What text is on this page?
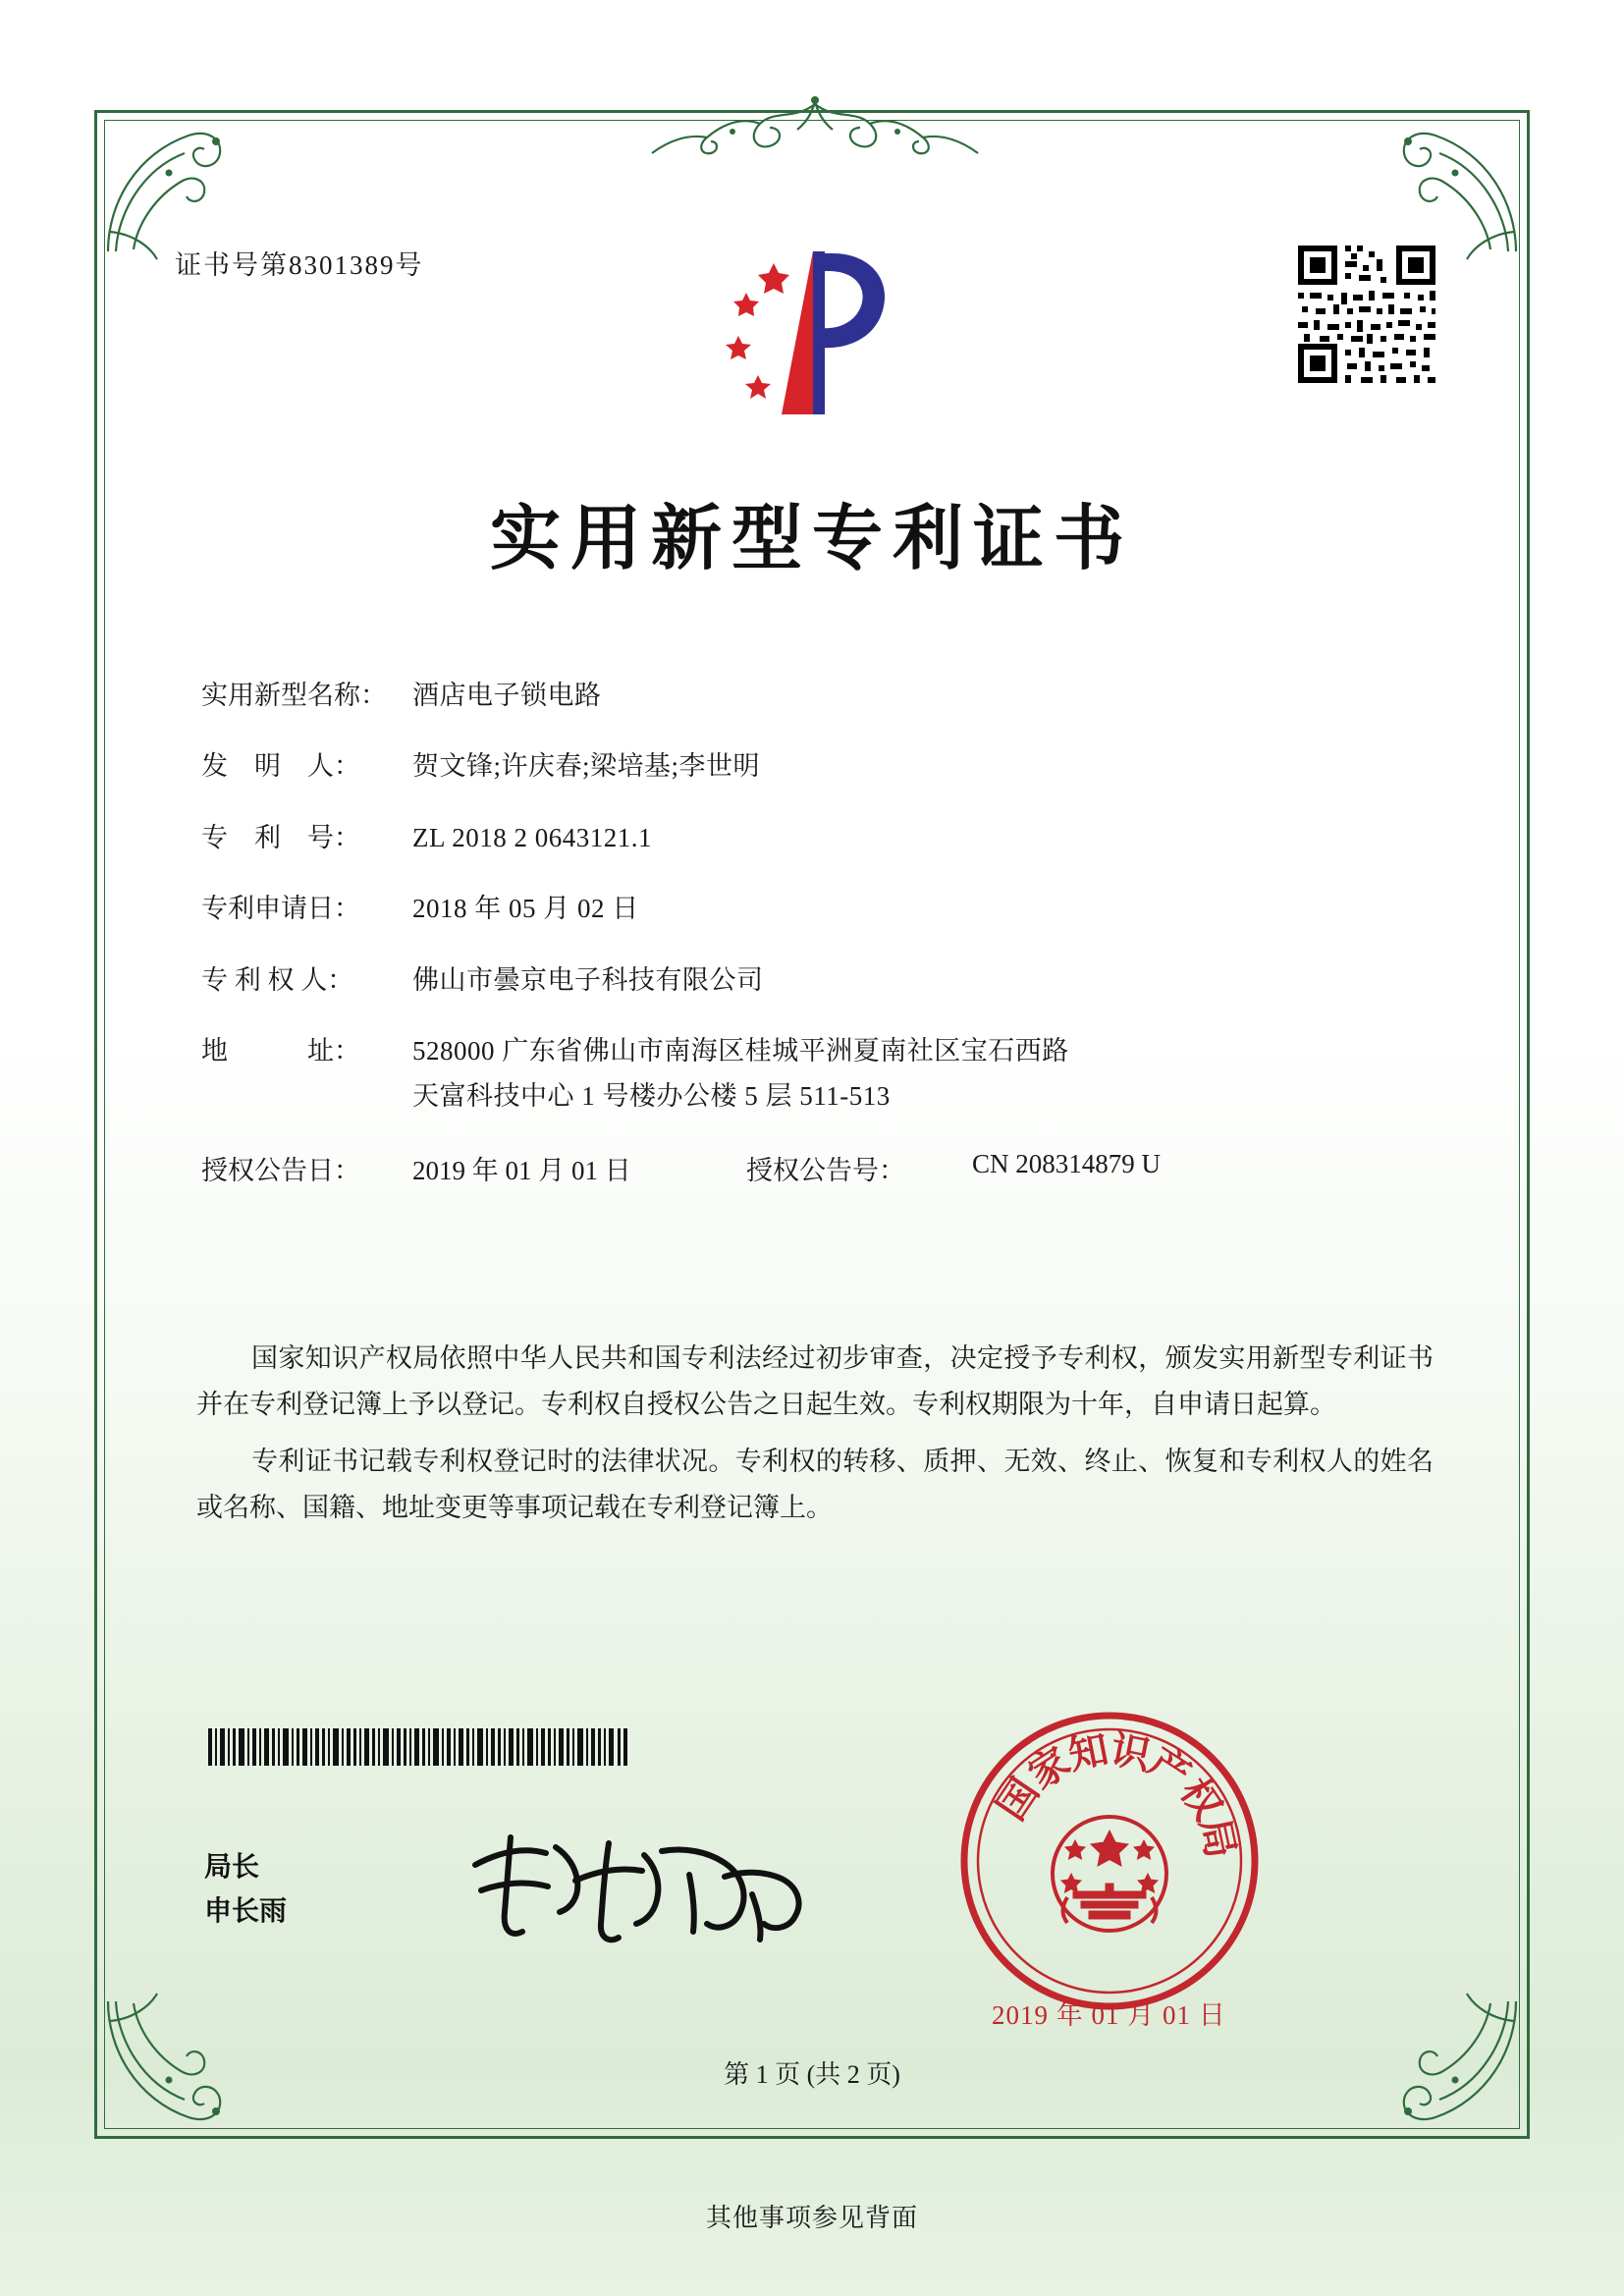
证书号第8301389号
实用新型专利证书
实用新型名称： 酒店电子锁电路
发　明　人：	贺文锋;许庆春;梁培基;李世明
专　利　号：	ZL 2018 2 0643121.1
专利申请日：	2018 年 05 月 02 日
专 利 权 人：	佛山市曇京电子科技有限公司
地　　　址：	528000 广东省佛山市南海区桂城平洲夏南社区宝石西路
天富科技中心 1 号楼办公楼 5 层 511-513
授权公告日：	2019 年 01 月 01 日	授权公告号：	CN 208314879 U

国家知识产权局依照中华人民共和国专利法经过初步审查，决定授予专利权，颁发实用新型专利证书并在专利登记簿上予以登记。专利权自授权公告之日起生效。专利权期限为十年，自申请日起算。

专利证书记载专利权登记时的法律状况。专利权的转移、质押、无效、终止、恢复和专利权人的姓名或名称、国籍、地址变更等事项记载在专利登记簿上。

局长
申长雨
国
家
知
识
产
权
局
2019 年 01 月 01 日
第 1 页 (共 2 页)
其他事项参见背面
